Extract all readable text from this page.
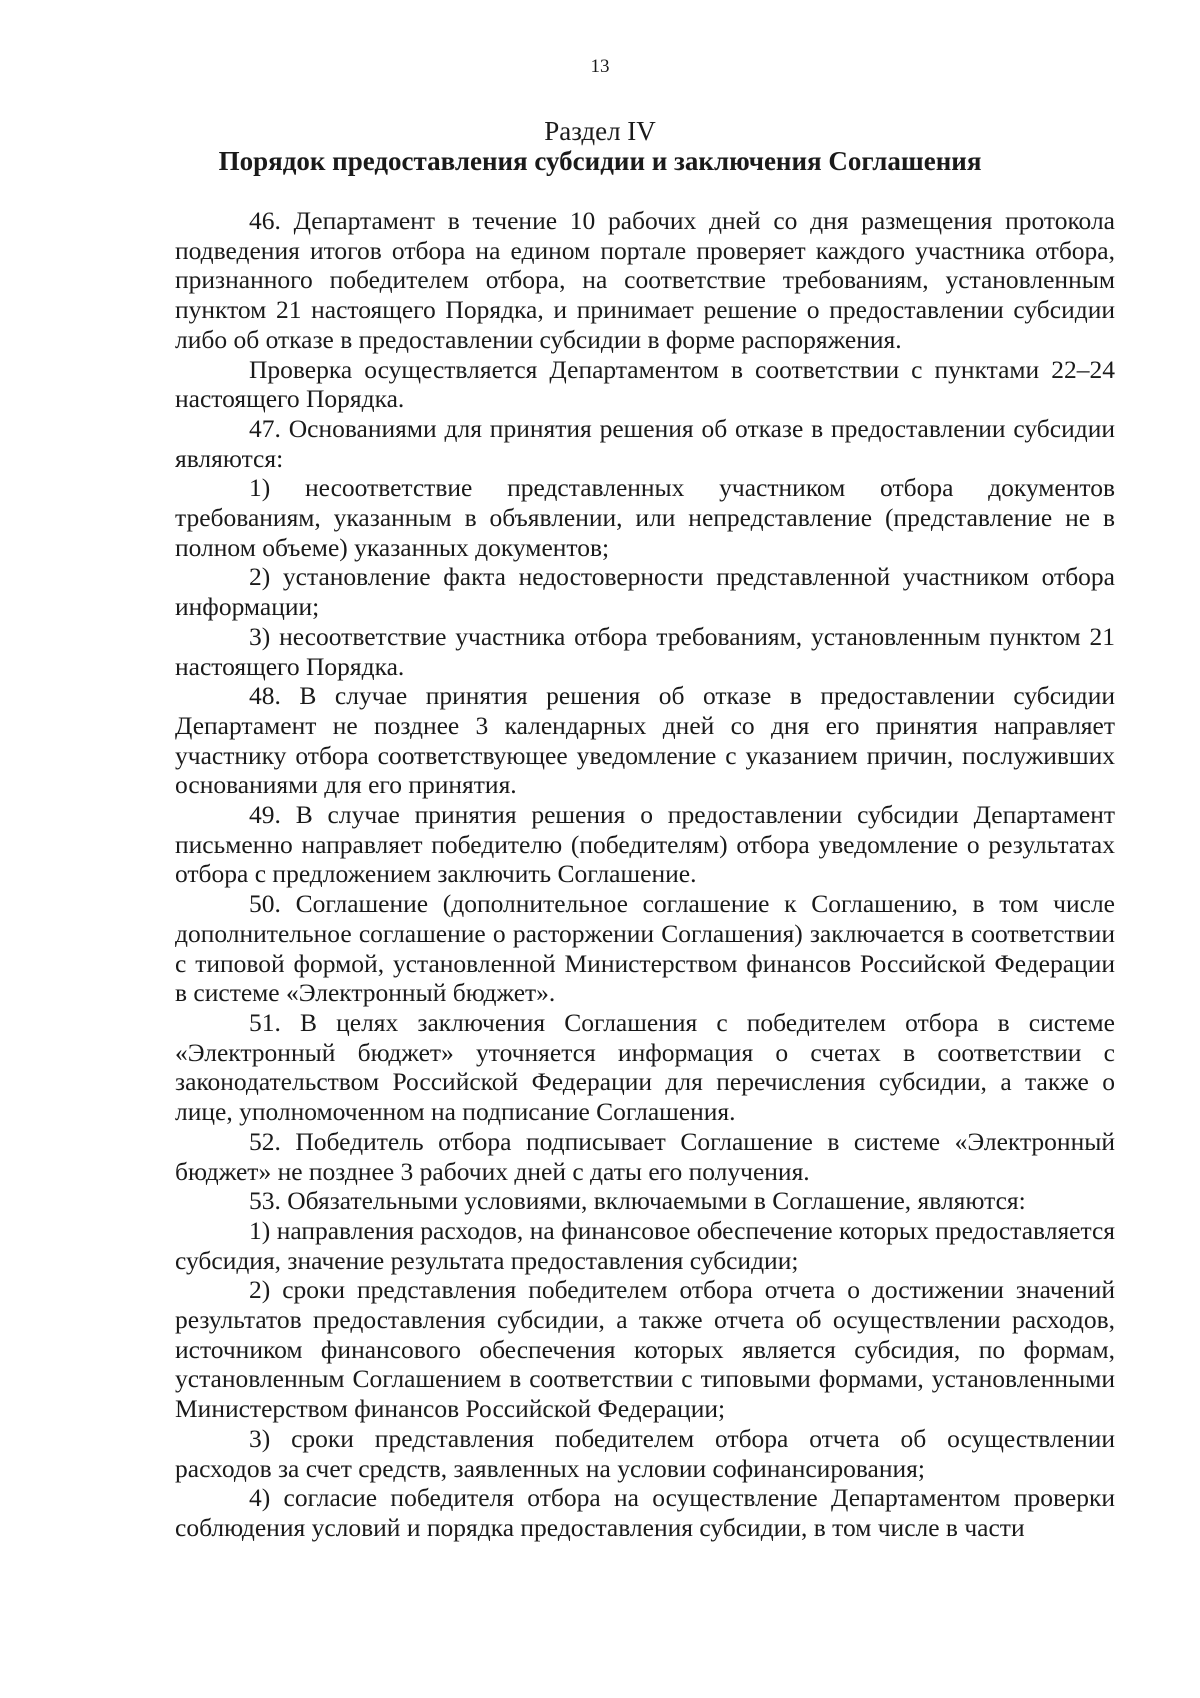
13
Раздел IV
Порядок предоставления субсидии и заключения Соглашения

46. Департамент в течение 10 рабочих дней со дня размещения протокола подведения итогов отбора на едином портале проверяет каждого участника отбора, признанного победителем отбора, на соответствие требованиям, установленным пунктом 21 настоящего Порядка, и принимает решение о предоставлении субсидии либо об отказе в предоставлении субсидии в форме распоряжения.

Проверка осуществляется Департаментом в соответствии с пунктами 22–24 настоящего Порядка.

47. Основаниями для принятия решения об отказе в предоставлении субсидии являются:

1) несоответствие представленных участником отбора документов требованиям, указанным в объявлении, или непредставление (представление не в полном объеме) указанных документов;

2) установление факта недостоверности представленной участником отбора информации;

3) несоответствие участника отбора требованиям, установленным пунктом 21 настоящего Порядка.

48. В случае принятия решения об отказе в предоставлении субсидии Департамент не позднее 3 календарных дней со дня его принятия направляет участнику отбора соответствующее уведомление с указанием причин, послуживших основаниями для его принятия.

49. В случае принятия решения о предоставлении субсидии Департамент письменно направляет победителю (победителям) отбора уведомление о результатах отбора с предложением заключить Соглашение.

50. Соглашение (дополнительное соглашение к Соглашению, в том числе дополнительное соглашение о расторжении Соглашения) заключается в соответствии с типовой формой, установленной Министерством финансов Российской Федерации в системе «Электронный бюджет».

51. В целях заключения Соглашения с победителем отбора в системе «Электронный бюджет» уточняется информация о счетах в соответствии с законодательством Российской Федерации для перечисления субсидии, а также о лице, уполномоченном на подписание Соглашения.

52. Победитель отбора подписывает Соглашение в системе «Электронный бюджет» не позднее 3 рабочих дней с даты его получения.

53. Обязательными условиями, включаемыми в Соглашение, являются:

1) направления расходов, на финансовое обеспечение которых предоставляется субсидия, значение результата предоставления субсидии;

2) сроки представления победителем отбора отчета о достижении значений результатов предоставления субсидии, а также отчета об осуществлении расходов, источником финансового обеспечения которых является субсидия, по формам, установленным Соглашением в соответствии с типовыми формами, установленными Министерством финансов Российской Федерации;

3) сроки представления победителем отбора отчета об осуществлении расходов за счет средств, заявленных на условии софинансирования;

4) согласие победителя отбора на осуществление Департаментом проверки соблюдения условий и порядка предоставления субсидии, в том числе в части
